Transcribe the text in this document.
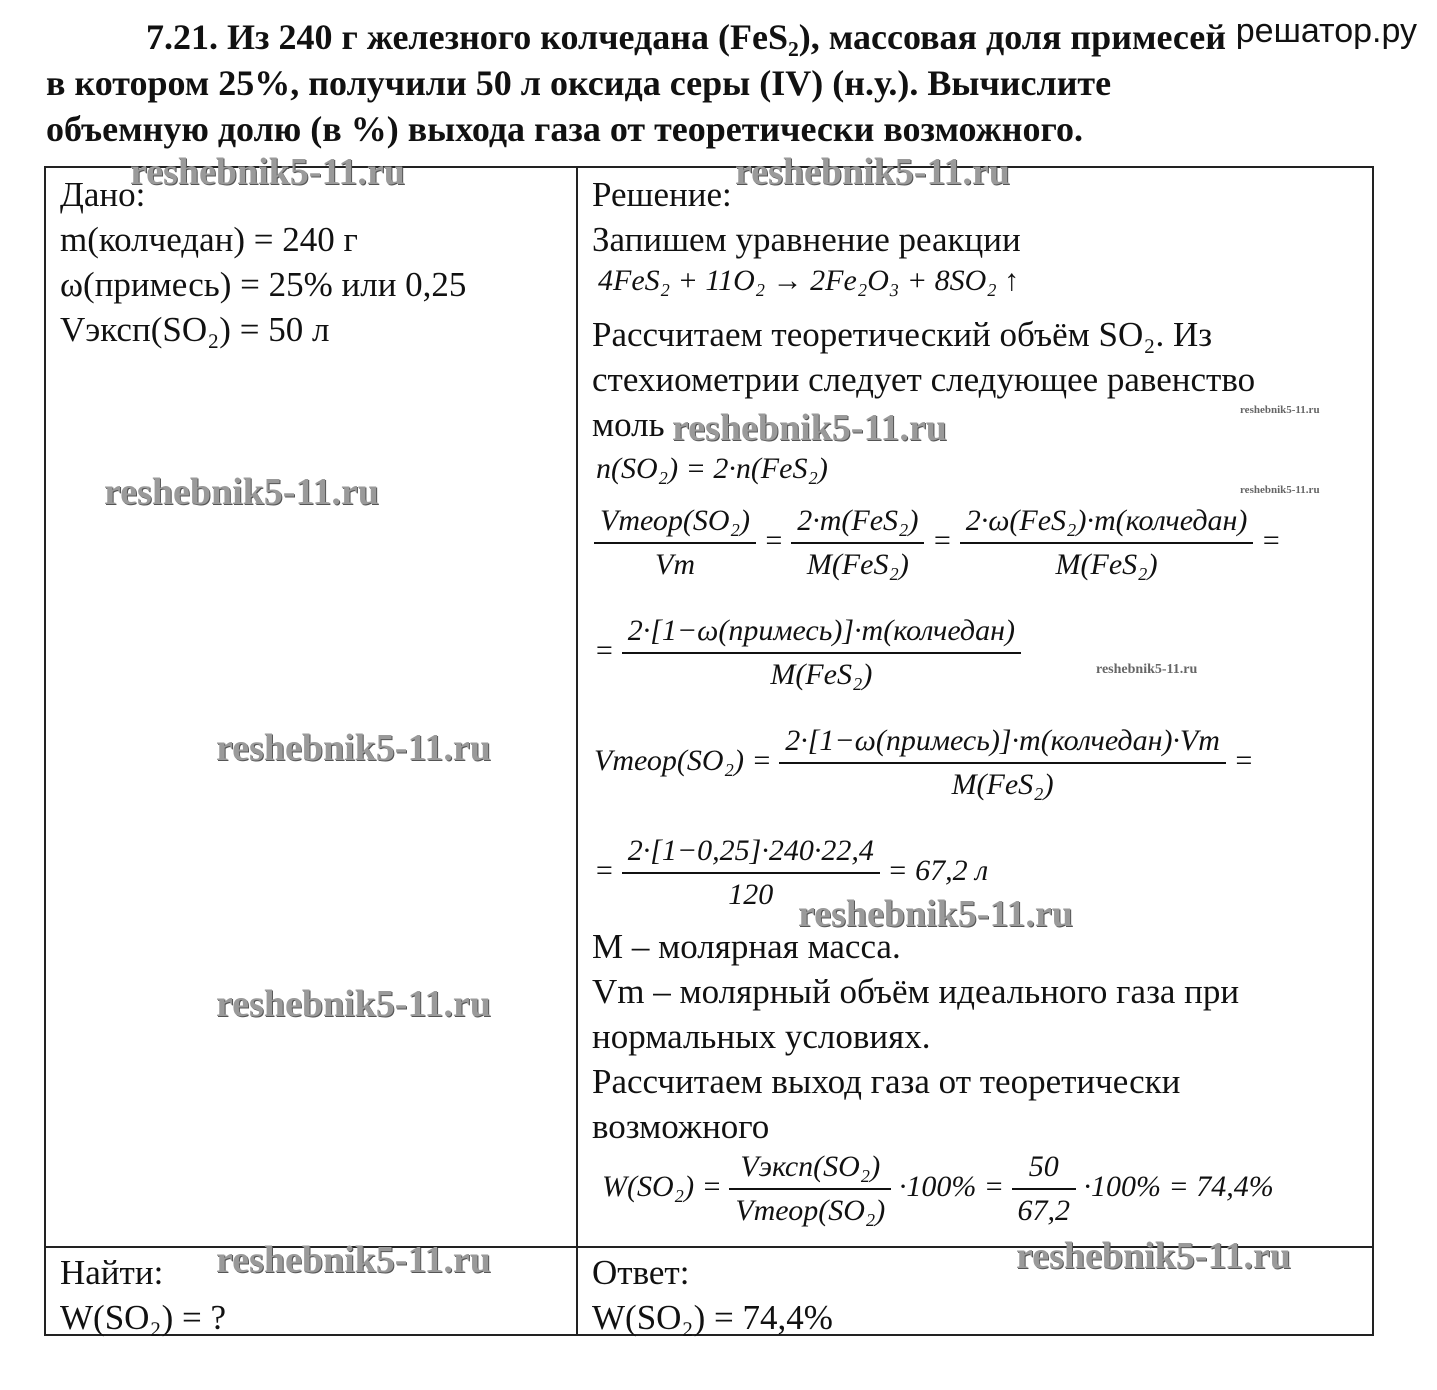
решатор.ру
7.21. Из 240 г железного колчедана (FeS₂), массовая доля примесей
в котором 25%, получили 50 л оксида серы (IV) (н.у.). Вычислите
объемную долю (в %) выхода газа от теоретически возможного.
Дано:
m(колчедан) = 240 г
ω(примесь) = 25% или 0,25
Vэксп(SO₂) = 50 л
Найти:
W(SO₂) = ?
Ответ:
W(SO₂) = 74,4%
Решение:
Запишем уравнение реакции
4FeS₂ + 11O₂ → 2Fe₂O₃ + 8SO₂ ↑
Рассчитаем теоретический объём SO₂. Из
стехиометрии следует следующее равенство
моль
n(SO₂) = 2·n(FeS₂)
$\frac{\text{Vтеор(SO₂)}}{Vm} = \frac{\text{2·m(FeS₂)}}{\text{M(FeS₂)}} = \frac{\text{2·ω(FeS₂)·m(колчедан)}}{\text{M(FeS₂)}}$ =
= $\frac{\text{2·[1−ω(примесь)]·m(колчедан)}}{\text{M(FeS₂)}}$
Vтеор(SO₂) = $\frac{\text{2·[1−ω(примесь)]·m(колчедан)·Vm}}{\text{M(FeS₂)}}$ =
= $\frac{2\cdot[1-0,25]\cdot 240\cdot 22,4}{120} = 67,2$ л
M – молярная масса.
Vm – молярный объём идеального газа при
нормальных условиях.
Рассчитаем выход газа от теоретически
возможного
$W(SO_2) = \frac{\text{Vэксп(SO₂)}}{\text{Vтеор(SO₂)}} \cdot 100\% = \frac{50}{67,2} \cdot 100\% = 74,4\%$
reshebnik5-11.ru	reshebnik5-11.ru
reshebnik5-11.ru
reshebnik5-11.ru
reshebnik5-11.ru
reshebnik5-11.ru
reshebnik5-11.ru
reshebnik5-11.ru	reshebnik5-11.ru
reshebnik5-11.ru
reshebnik5-11.ru
reshebnik5-11.ru
